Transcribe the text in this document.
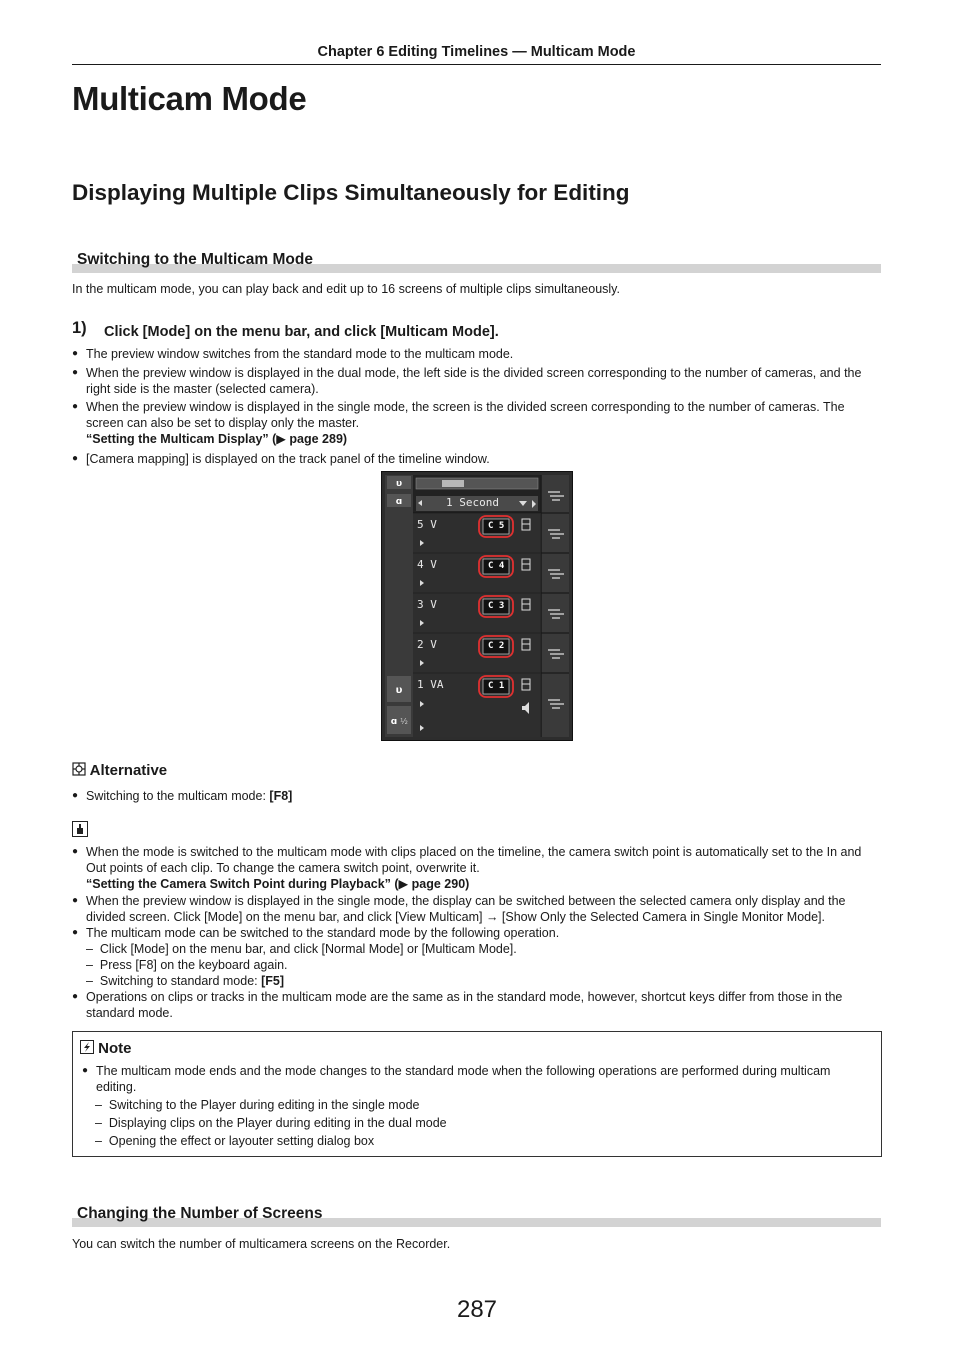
Chapter 6 Editing Timelines — Multicam Mode
Multicam Mode
Displaying Multiple Clips Simultaneously for Editing
Switching to the Multicam Mode
In the multicam mode, you can play back and edit up to 16 screens of multiple clips simultaneously.
1) Click [Mode] on the menu bar, and click [Multicam Mode].
● The preview window switches from the standard mode to the multicam mode.
● When the preview window is displayed in the dual mode, the left side is the divided screen corresponding to the number of cameras, and the right side is the master (selected camera).
● When the preview window is displayed in the single mode, the screen is the divided screen corresponding to the number of cameras. The screen can also be set to display only the master.
“Setting the Multicam Display” (▶ page 289)
● [Camera mapping] is displayed on the track panel of the timeline window.
υ
ɑ
υ
ɑ ½
1 Second
5 V
4 V
3 V
2 V
1 VA
C 5
C 4
C 3
C 2
C 1
Alternative
● Switching to the multicam mode: [F8]
● When the mode is switched to the multicam mode with clips placed on the timeline, the camera switch point is automatically set to the In and Out points of each clip. To change the camera switch point, overwrite it.
“Setting the Camera Switch Point during Playback” (▶ page 290)
● When the preview window is displayed in the single mode, the display can be switched between the selected camera only display and the divided screen. Click [Mode] on the menu bar, and click [View Multicam] → [Show Only the Selected Camera in Single Monitor Mode].
● The multicam mode can be switched to the standard mode by the following operation.
–  Click [Mode] on the menu bar, and click [Normal Mode] or [Multicam Mode].
–  Press [F8] on the keyboard again.
–  Switching to standard mode: [F5]
● Operations on clips or tracks in the multicam mode are the same as in the standard mode, however, shortcut keys differ from those in the standard mode.
Note
● The multicam mode ends and the mode changes to the standard mode when the following operations are performed during multicam editing.
–  Switching to the Player during editing in the single mode
–  Displaying clips on the Player during editing in the dual mode
–  Opening the effect or layouter setting dialog box
Changing the Number of Screens
You can switch the number of multicamera screens on the Recorder.
287
